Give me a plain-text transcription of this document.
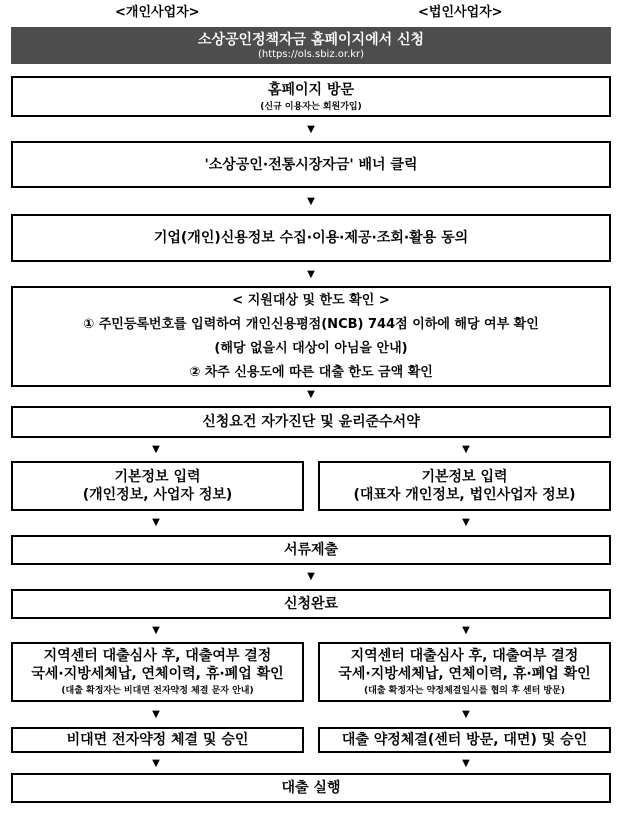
<개인사업자>	<법인사업자>
소상공인정책자금 홈페이지에서 신청
(https://ols.sbiz.or.kr)
홈페이지 방문
(신규 이용자는 회원가입)
▼
'소상공인·전통시장자금' 배너 클릭
▼
기업(개인)신용정보 수집·이용·제공·조회·활용 동의
▼
< 지원대상 및 한도 확인 >
① 주민등록번호를 입력하여 개인신용평점(NCB) 744점 이하에 해당 여부 확인
(해당 없을시 대상이 아님을 안내)
② 차주 신용도에 따른 대출 한도 금액 확인
▼
신청요건 자가진단 및 윤리준수서약
▼	▼
기본정보 입력
(개인정보, 사업자 정보)
기본정보 입력
(대표자 개인정보, 법인사업자 정보)
▼	▼
서류제출
▼
신청완료
▼	▼
지역센터 대출심사 후, 대출여부 결정
국세·지방세체납, 연체이력, 휴·폐업 확인
(대출 확정자는 비대면 전자약정 체결 문자 안내)
지역센터 대출심사 후, 대출여부 결정
국세·지방세체납, 연체이력, 휴·폐업 확인
(대출 확정자는 약정체결일시를 협의 후 센터 방문)
▼	▼
비대면 전자약정 체결 및 승인	대출 약정체결(센터 방문, 대면) 및 승인
▼	▼
대출 실행
